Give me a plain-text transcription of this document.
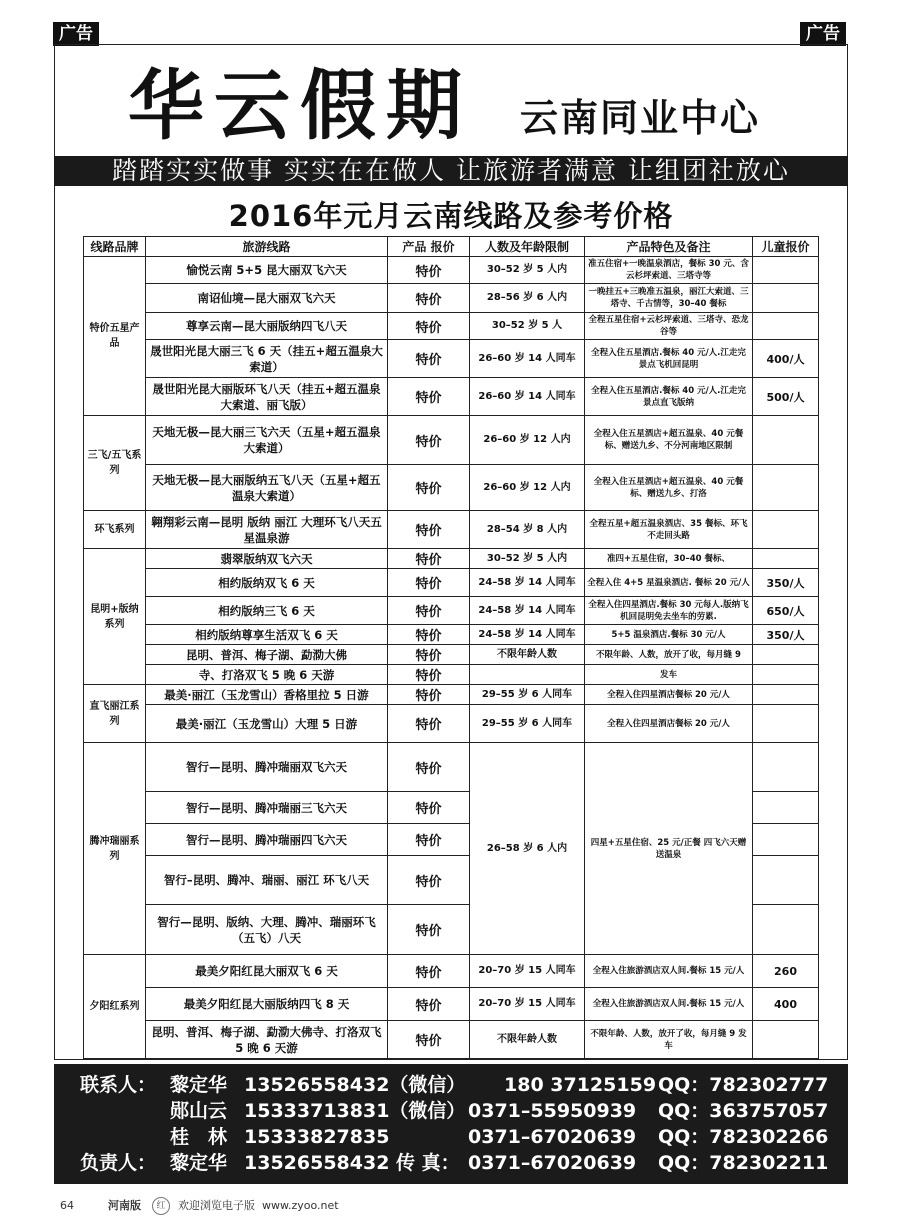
广告	广告
华云假期 云南同业中心
踏踏实实做事 实实在在做人 让旅游者满意 让组团社放心
2016年元月云南线路及参考价格
线路品牌	旅游线路	产品 报价	人数及年龄限制	产品特色及备注	儿童报价
特价五星产品	愉悦云南 5+5 昆大丽双飞六天	特价	30–52 岁 5 人内	准五住宿+一晚温泉酒店，餐标 30 元、含云杉坪索道、三塔寺等	
	南诏仙境—昆大丽双飞六天	特价	28–56 岁 6 人内	一晚挂五+三晚准五温泉，丽江大索道、三塔寺、千古情等，30–40 餐标	
	尊享云南—昆大丽版纳四飞八天	特价	30–52 岁 5 人	全程五星住宿+云杉坪索道、三塔寺、恐龙谷等	
	晟世阳光昆大丽三飞 6 天（挂五+超五温泉大索道）	特价	26–60 岁 14 人同车	全程入住五星酒店.餐标 40 元/人.江走完景点飞机回昆明	400/人
	晟世阳光昆大丽版环飞八天（挂五+超五温泉大索道、丽飞版）	特价	26–60 岁 14 人同车	全程入住五星酒店.餐标 40 元/人.江走完景点直飞版纳	500/人
三飞/五飞系列	天地无极—昆大丽三飞六天（五星+超五温泉大索道）	特价	26–60 岁 12 人内	全程入住五星酒店+超五温泉、40 元餐标、赠送九乡、不分河南地区限制	
	天地无极—昆大丽版纳五飞八天（五星+超五温泉大索道）	特价	26–60 岁 12 人内	全程入住五星酒店+超五温泉、40 元餐标、赠送九乡、打洛	
环飞系列	翱翔彩云南—昆明 版纳 丽江 大理环飞八天五星温泉游	特价	28–54 岁 8 人内	全程五星+超五温泉酒店、35 餐标、环飞不走回头路	
昆明+版纳系列	翡翠版纳双飞六天	特价	30–52 岁 5 人内	准四+五星住宿，30–40 餐标、	
	相约版纳双飞 6 天	特价	24–58 岁 14 人同车	全程入住 4+5 星温泉酒店. 餐标 20 元/人	350/人
	相约版纳三飞 6 天	特价	24–58 岁 14 人同车	全程入住四星酒店.餐标 30 元每人.版纳飞机回昆明免去坐车的劳累.	650/人
	相约版纳尊享生活双飞 6 天	特价	24–58 岁 14 人同车	5+5 温泉酒店.餐标 30 元/人	350/人
	昆明、普洱、梅子湖、勐泐大佛	特价	不限年龄人数	不限年龄、人数，放开了收，每月缝 9	
	寺、打洛双飞 5 晚 6 天游	特价		发车	
直飞丽江系列	最美·丽江（玉龙雪山）香格里拉 5 日游	特价	29–55 岁 6 人同车	全程入住四星酒店餐标 20 元/人	
	最美·丽江（玉龙雪山）大理 5 日游	特价	29–55 岁 6 人同车	全程入住四星酒店餐标 20 元/人	
腾冲瑞丽系列	智行—昆明、腾冲瑞丽双飞六天	特价	26–58 岁 6 人内	四星+五星住宿、25 元/正餐 四飞六天赠送温泉	
	智行—昆明、腾冲瑞丽三飞六天	特价			
	智行—昆明、腾冲瑞丽四飞六天	特价			
	智行–昆明、腾冲、瑞丽、丽江 环飞八天	特价			
	智行—昆明、版纳、大理、腾冲、瑞丽环飞（五飞）八天	特价			
夕阳红系列	最美夕阳红昆大丽双飞 6 天	特价	20–70 岁 15 人同车	全程入住旅游酒店双人间.餐标 15 元/人	260
	最美夕阳红昆大丽版纳四飞 8 天	特价	20–70 岁 15 人同车	全程入住旅游酒店双人间.餐标 15 元/人	400
	昆明、普洱、梅子湖、勐泐大佛寺、打洛双飞 5 晚 6 天游	特价	不限年龄人数	不限年龄、人数，放开了收，每月缝 9 发车	
联系人： 黎定华 13526558432（微信） 180 37125159 QQ：782302777
郧山云 15333713831（微信） 0371–55950939 QQ：363757057
桂　林 15333827835	0371–67020639 QQ：782302266
负责人： 黎定华 13526558432 传 真： 0371–67020639 QQ：782302211
64	河南版	红	欢迎浏览电子版 www.zyoo.net
